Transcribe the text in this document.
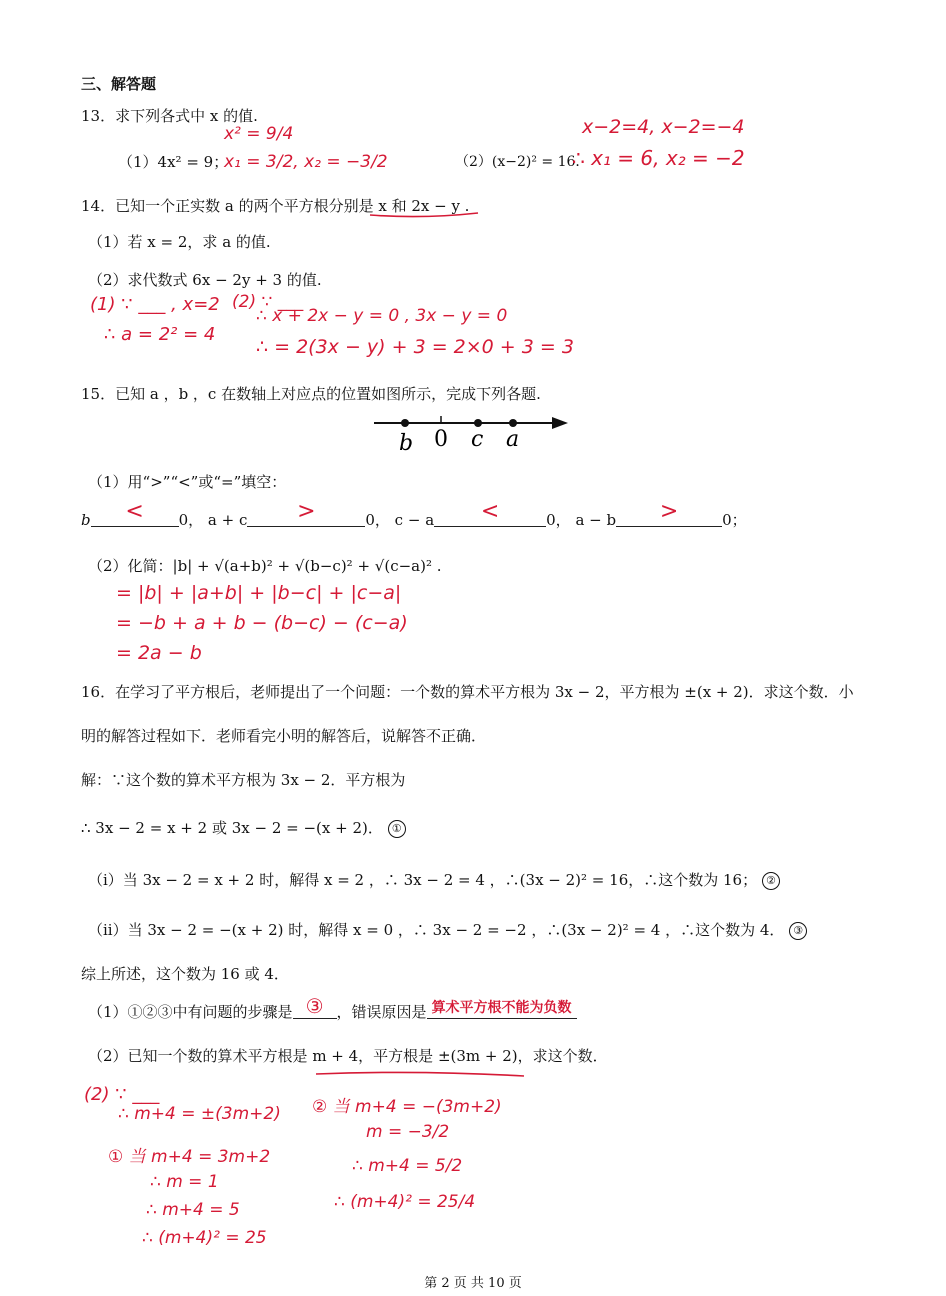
三、解答题
13．求下列各式中 x 的值.
（1）4x² = 9；	（2）(x−2)² = 16．
x² = 9/4
x₁ = 3/2, x₂ = −3/2
x−2=4, x−2=−4
∴ x₁ = 6, x₂ = −2
14．已知一个正实数 a 的两个平方根分别是 x 和 2x − y .
（1）若 x = 2，求 a 的值.
（2）求代数式 6x − 2y + 3 的值.
(1) ∵ ___ , x=2
∴ a = 2² = 4
(2) ∵ ___
∴ x + 2x − y = 0 , 3x − y = 0
∴ = 2(3x − y) + 3 = 2×0 + 3 = 3
15．已知 a ，b ，c 在数轴上对应点的位置如图所示，完成下列各题.
b 0 c a
（1）用“>”“<”或“=”填空：
b	<	0， a + c	>	0， c − a	<	0， a − b	>	0；
（2）化简：|b| + √(a+b)² + √(b−c)² + √(c−a)² .
= |b| + |a+b| + |b−c| + |c−a|
= −b + a + b − (b−c) − (c−a)
= 2a − b
16．在学习了平方根后，老师提出了一个问题：一个数的算术平方根为 3x − 2，平方根为 ±(x + 2)．求这个数．小
明的解答过程如下．老师看完小明的解答后，说解答不正确．
解：∵这个数的算术平方根为 3x − 2．平方根为
∴ 3x − 2 = x + 2 或 3x − 2 = −(x + 2)． ①
（i）当 3x − 2 = x + 2 时，解得 x = 2 ，∴ 3x − 2 = 4 ，∴(3x − 2)² = 16，∴这个数为 16； ②
（ii）当 3x − 2 = −(x + 2) 时，解得 x = 0 ，∴ 3x − 2 = −2 ，∴(3x − 2)² = 4 ，∴这个数为 4． ③
综上所述，这个数为 16 或 4．
（1）①②③中有问题的步骤是 ③ ，错误原因是 算术平方根不能为负数
（2）已知一个数的算术平方根是 m + 4，平方根是 ±(3m + 2)，求这个数．
(2) ∵ ___
∴ m+4 = ±(3m+2)
① 当 m+4 = 3m+2
∴ m = 1
∴ m+4 = 5
∴ (m+4)² = 25
② 当 m+4 = −(3m+2)
m = −3/2
∴ m+4 = 5/2
∴ (m+4)² = 25/4
第 2 页 共 10 页
